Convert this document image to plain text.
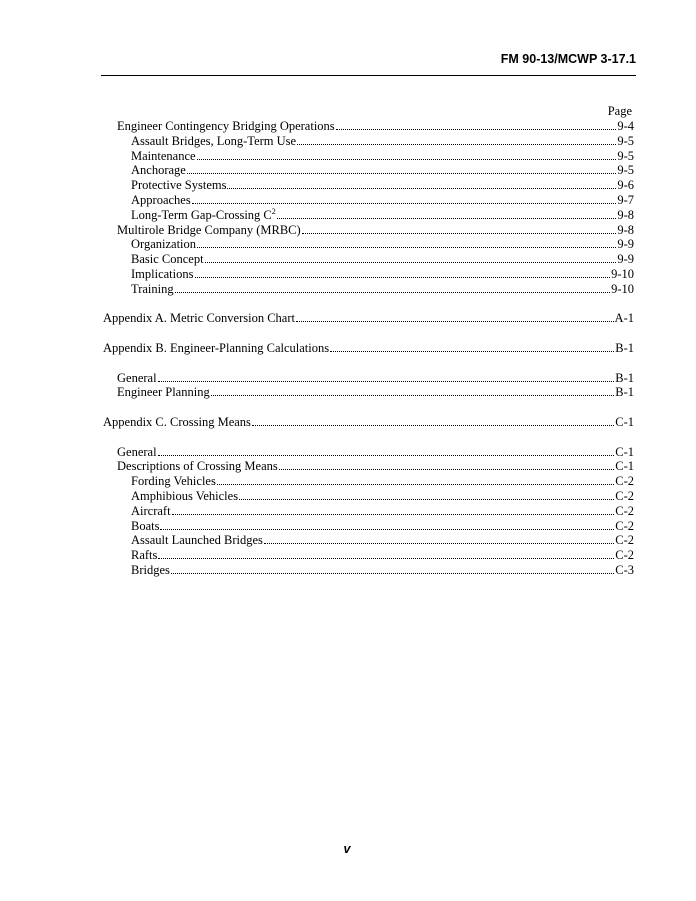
FM 90-13/MCWP 3-17.1
Page
Engineer Contingency Bridging Operations	9-4
Assault Bridges, Long-Term Use	9-5
Maintenance	9-5
Anchorage	9-5
Protective Systems	9-6
Approaches	9-7
Long-Term Gap-Crossing $C^2$	9-8
Multirole Bridge Company (MRBC)	9-8
Organization	9-9
Basic Concept	9-9
Implications	9-10
Training	9-10
Appendix A. Metric Conversion Chart	A-1
Appendix B. Engineer-Planning Calculations	B-1
General	B-1
Engineer Planning	B-1
Appendix C. Crossing Means	C-1
General	C-1
Descriptions of Crossing Means	C-1
Fording Vehicles	C-2
Amphibious Vehicles	C-2
Aircraft	C-2
Boats	C-2
Assault Launched Bridges	C-2
Rafts	C-2
Bridges	C-3
v
